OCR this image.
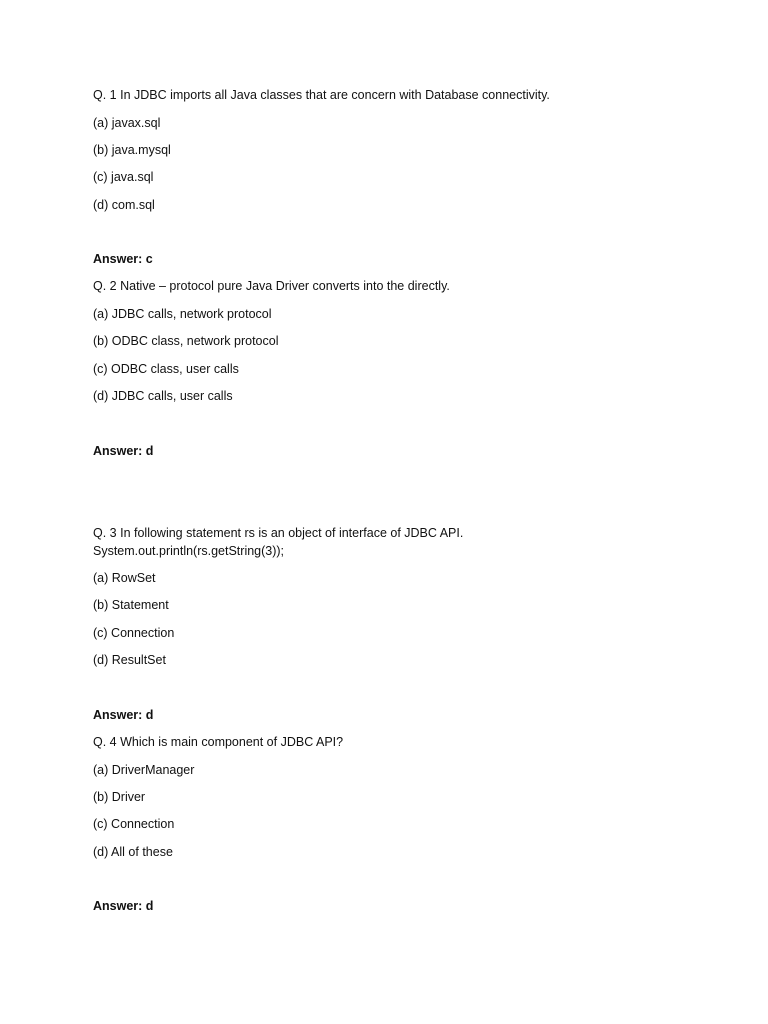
Q. 1 In JDBC imports all Java classes that are concern with Database connectivity.
(a) javax.sql
(b) java.mysql
(c) java.sql
(d) com.sql
Answer: c
Q. 2 Native – protocol pure Java Driver converts into the directly.
(a) JDBC calls, network protocol
(b) ODBC class, network protocol
(c) ODBC class, user calls
(d) JDBC calls, user calls
Answer: d
Q. 3 In following statement rs is an object of interface of JDBC API.
System.out.println(rs.getString(3));
(a) RowSet
(b) Statement
(c) Connection
(d) ResultSet
Answer: d
Q. 4 Which is main component of JDBC API?
(a) DriverManager
(b) Driver
(c) Connection
(d) All of these
Answer: d
